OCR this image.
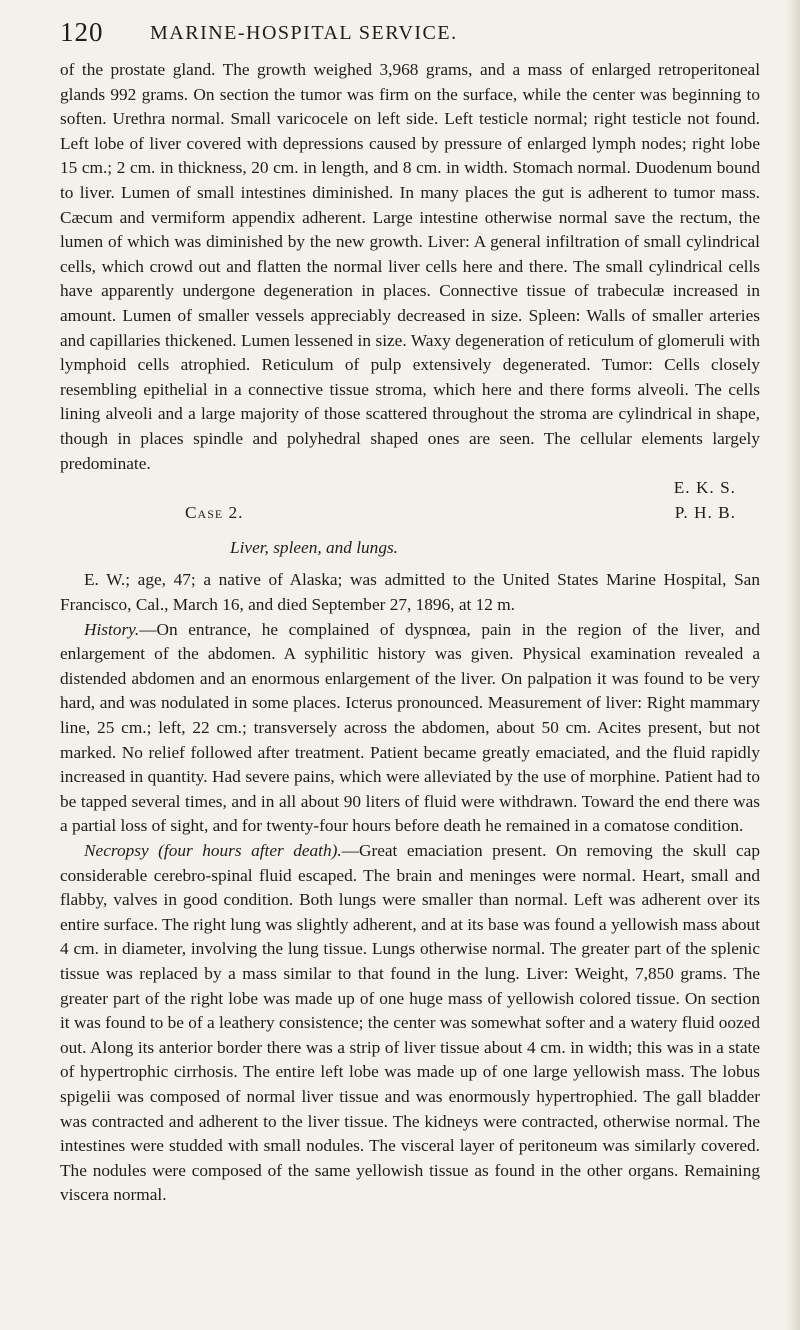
120 MARINE-HOSPITAL SERVICE.

of the prostate gland. The growth weighed 3,968 grams, and a mass of enlarged retroperitoneal glands 992 grams. On section the tumor was firm on the surface, while the center was beginning to soften. Urethra normal. Small varicocele on left side. Left testicle normal; right testicle not found. Left lobe of liver covered with depressions caused by pressure of enlarged lymph nodes; right lobe 15 cm.; 2 cm. in thickness, 20 cm. in length, and 8 cm. in width. Stomach normal. Duodenum bound to liver. Lumen of small intestines diminished. In many places the gut is adherent to tumor mass. Cæcum and vermiform appendix adherent. Large intestine otherwise normal save the rectum, the lumen of which was diminished by the new growth. Liver: A general infiltration of small cylindrical cells, which crowd out and flatten the normal liver cells here and there. The small cylindrical cells have apparently undergone degeneration in places. Connective tissue of trabeculæ increased in amount. Lumen of smaller vessels appreciably decreased in size. Spleen: Walls of smaller arteries and capillaries thickened. Lumen lessened in size. Waxy degeneration of reticulum of glomeruli with lymphoid cells atrophied. Reticulum of pulp extensively degenerated. Tumor: Cells closely resembling epithelial in a connective tissue stroma, which here and there forms alveoli. The cells lining alveoli and a large majority of those scattered throughout the stroma are cylindrical in shape, though in places spindle and polyhedral shaped ones are seen. The cellular elements largely predominate.

E. K. S.

P. H. B.

Case 2.

Liver, spleen, and lungs.

E. W.; age, 47; a native of Alaska; was admitted to the United States Marine Hospital, San Francisco, Cal., March 16, and died September 27, 1896, at 12 m.

History.—On entrance, he complained of dyspnœa, pain in the region of the liver, and enlargement of the abdomen. A syphilitic history was given. Physical examination revealed a distended abdomen and an enormous enlargement of the liver. On palpation it was found to be very hard, and was nodulated in some places. Icterus pronounced. Measurement of liver: Right mammary line, 25 cm.; left, 22 cm.; transversely across the abdomen, about 50 cm. Acites present, but not marked. No relief followed after treatment. Patient became greatly emaciated, and the fluid rapidly increased in quantity. Had severe pains, which were alleviated by the use of morphine. Patient had to be tapped several times, and in all about 90 liters of fluid were withdrawn. Toward the end there was a partial loss of sight, and for twenty-four hours before death he remained in a comatose condition.

Necropsy (four hours after death).—Great emaciation present. On removing the skull cap considerable cerebro-spinal fluid escaped. The brain and meninges were normal. Heart, small and flabby, valves in good condition. Both lungs were smaller than normal. Left was adherent over its entire surface. The right lung was slightly adherent, and at its base was found a yellowish mass about 4 cm. in diameter, involving the lung tissue. Lungs otherwise normal. The greater part of the splenic tissue was replaced by a mass similar to that found in the lung. Liver: Weight, 7,850 grams. The greater part of the right lobe was made up of one huge mass of yellowish colored tissue. On section it was found to be of a leathery consistence; the center was somewhat softer and a watery fluid oozed out. Along its anterior border there was a strip of liver tissue about 4 cm. in width; this was in a state of hypertrophic cirrhosis. The entire left lobe was made up of one large yellowish mass. The lobus spigelii was composed of normal liver tissue and was enormously hypertrophied. The gall bladder was contracted and adherent to the liver tissue. The kidneys were contracted, otherwise normal. The intestines were studded with small nodules. The visceral layer of peritoneum was similarly covered. The nodules were composed of the same yellowish tissue as found in the other organs. Remaining viscera normal.
